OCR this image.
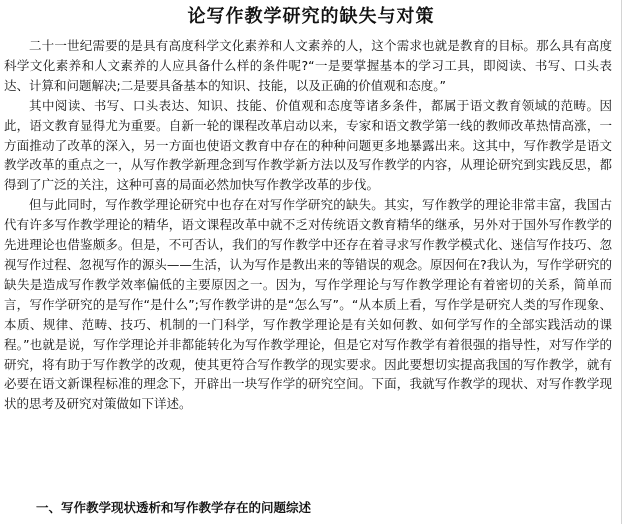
论写作教学研究的缺失与对策

二十一世纪需要的是具有高度科学文化素养和人文素养的人，这个需求也就是教育的目标。那么具有高度科学文化素养和人文素养的人应具备什么样的条件呢?“一是要掌握基本的学习工具，即阅读、书写、口头表达、计算和问题解决;二是要具备基本的知识、技能，以及正确的价值观和态度。”

其中阅读、书写、口头表达、知识、技能、价值观和态度等诸多条件，都属于语文教育领域的范畴。因此，语文教育显得尤为重要。自新一轮的课程改革启动以来，专家和语文教学第一线的教师改革热情高涨，一方面推动了改革的深入，另一方面也使语文教育中存在的种种问题更多地暴露出来。这其中，写作教学是语文教学改革的重点之一，从写作教学新理念到写作教学新方法以及写作教学的内容，从理论研究到实践反思，都得到了广泛的关注，这种可喜的局面必然加快写作教学改革的步伐。

但与此同时，写作教学理论研究中也存在对写作学研究的缺失。其实，写作教学的理论非常丰富，我国古代有许多写作教学理论的精华，语文课程改革中就不乏对传统语文教育精华的继承，另外对于国外写作教学的先进理论也借鉴颇多。但是，不可否认，我们的写作教学中还存在着寻求写作教学模式化、迷信写作技巧、忽视写作过程、忽视写作的源头——生活，认为写作是教出来的等错误的观念。原因何在?我认为，写作学研究的缺失是造成写作教学效率偏低的主要原因之一。因为，写作学理论与写作教学理论有着密切的关系，简单而言，写作学研究的是写作“是什么”;写作教学讲的是“怎么写”。“从本质上看，写作学是研究人类的写作现象、本质、规律、范畴、技巧、机制的一门科学，写作教学理论是有关如何教、如何学写作的全部实践活动的课程。”也就是说，写作学理论并非都能转化为写作教学理论，但是它对写作教学有着很强的指导性，对写作学的研究，将有助于写作教学的改观，使其更符合写作教学的现实要求。因此要想切实提高我国的写作教学，就有必要在语文新课程标准的理念下，开辟出一块写作学的研究空间。下面，我就写作教学的现状、对写作教学现状的思考及研究对策做如下详述。

一、写作教学现状透析和写作教学存在的问题综述
